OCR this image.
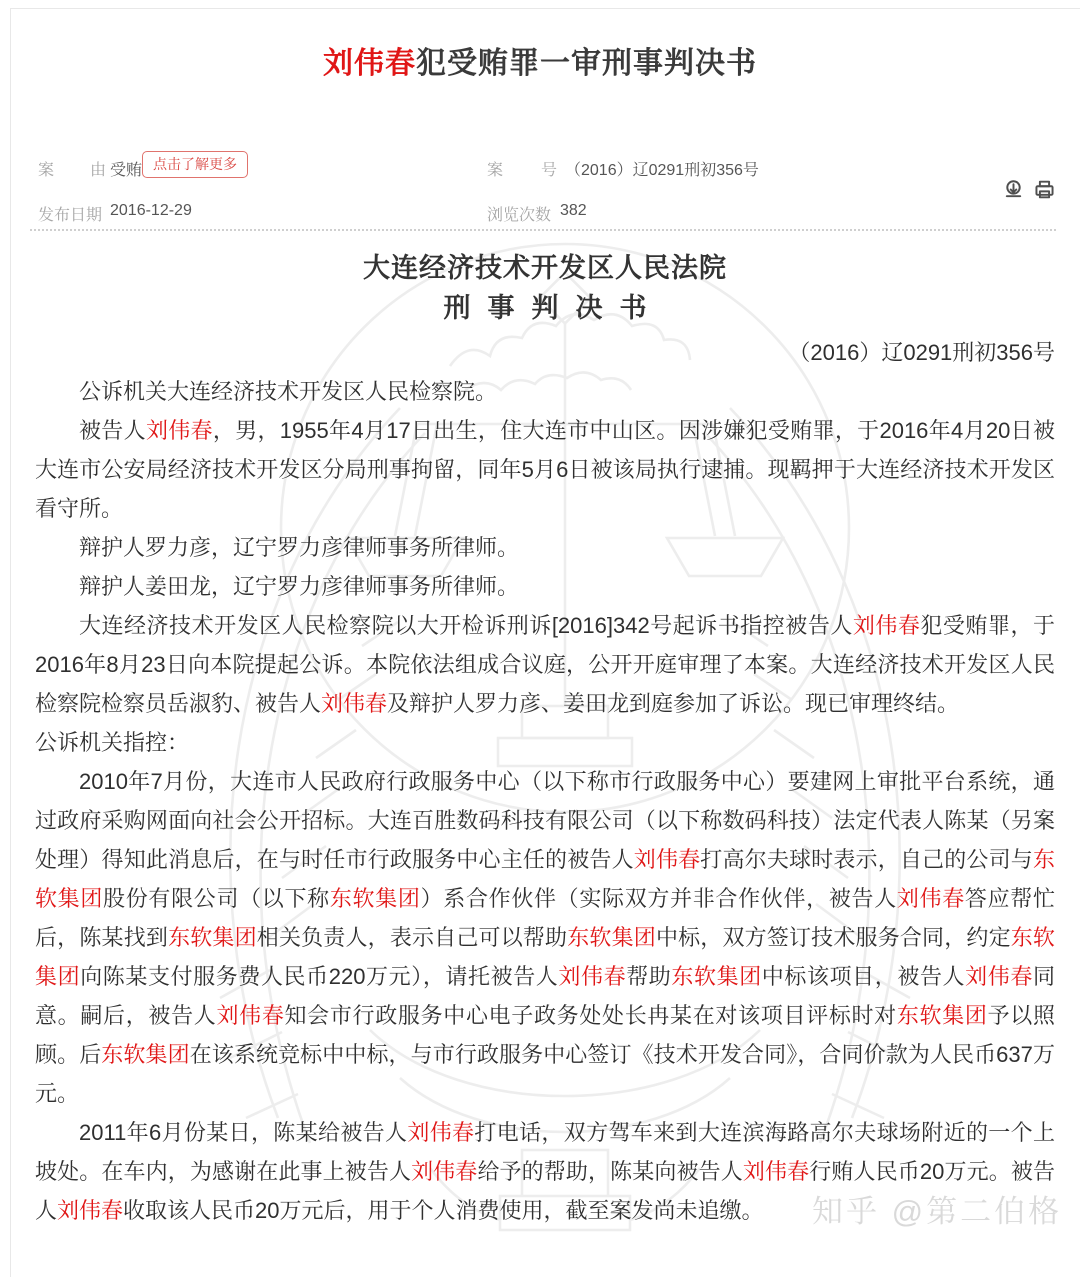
刘伟春犯受贿罪一审刑事判决书
案由 受贿 点击了解更多	案号 （2016）辽0291刑初356号
发布日期 2016-12-29	浏览次数 382

大连经济技术开发区人民法院
刑事判决书
（2016）辽0291刑初356号

公诉机关大连经济技术开发区人民检察院。

被告人刘伟春，男，1955年4月17日出生，住大连市中山区。因涉嫌犯受贿罪，于2016年4月20日被大连市公安局经济技术开发区分局刑事拘留，同年5月6日被该局执行逮捕。现羁押于大连经济技术开发区看守所。

辩护人罗力彦，辽宁罗力彦律师事务所律师。

辩护人姜田龙，辽宁罗力彦律师事务所律师。

大连经济技术开发区人民检察院以大开检诉刑诉[2016]342号起诉书指控被告人刘伟春犯受贿罪，于2016年8月23日向本院提起公诉。本院依法组成合议庭，公开开庭审理了本案。大连经济技术开发区人民检察院检察员岳淑豹、被告人刘伟春及辩护人罗力彦、姜田龙到庭参加了诉讼。现已审理终结。

公诉机关指控：

2010年7月份，大连市人民政府行政服务中心（以下称市行政服务中心）要建网上审批平台系统，通过政府采购网面向社会公开招标。大连百胜数码科技有限公司（以下称数码科技）法定代表人陈某（另案处理）得知此消息后，在与时任市行政服务中心主任的被告人刘伟春打高尔夫球时表示，自己的公司与东软集团股份有限公司（以下称东软集团）系合作伙伴（实际双方并非合作伙伴，被告人刘伟春答应帮忙后，陈某找到东软集团相关负责人，表示自己可以帮助东软集团中标，双方签订技术服务合同，约定东软集团向陈某支付服务费人民币220万元），请托被告人刘伟春帮助东软集团中标该项目，被告人刘伟春同意。嗣后，被告人刘伟春知会市行政服务中心电子政务处处长冉某在对该项目评标时对东软集团予以照顾。后东软集团在该系统竞标中中标，与市行政服务中心签订《技术开发合同》，合同价款为人民币637万元。

2011年6月份某日，陈某给被告人刘伟春打电话，双方驾车来到大连滨海路高尔夫球场附近的一个上坡处。在车内，为感谢在此事上被告人刘伟春给予的帮助，陈某向被告人刘伟春行贿人民币20万元。被告人刘伟春收取该人民币20万元后，用于个人消费使用，截至案发尚未追缴。	知乎 @第二伯格
